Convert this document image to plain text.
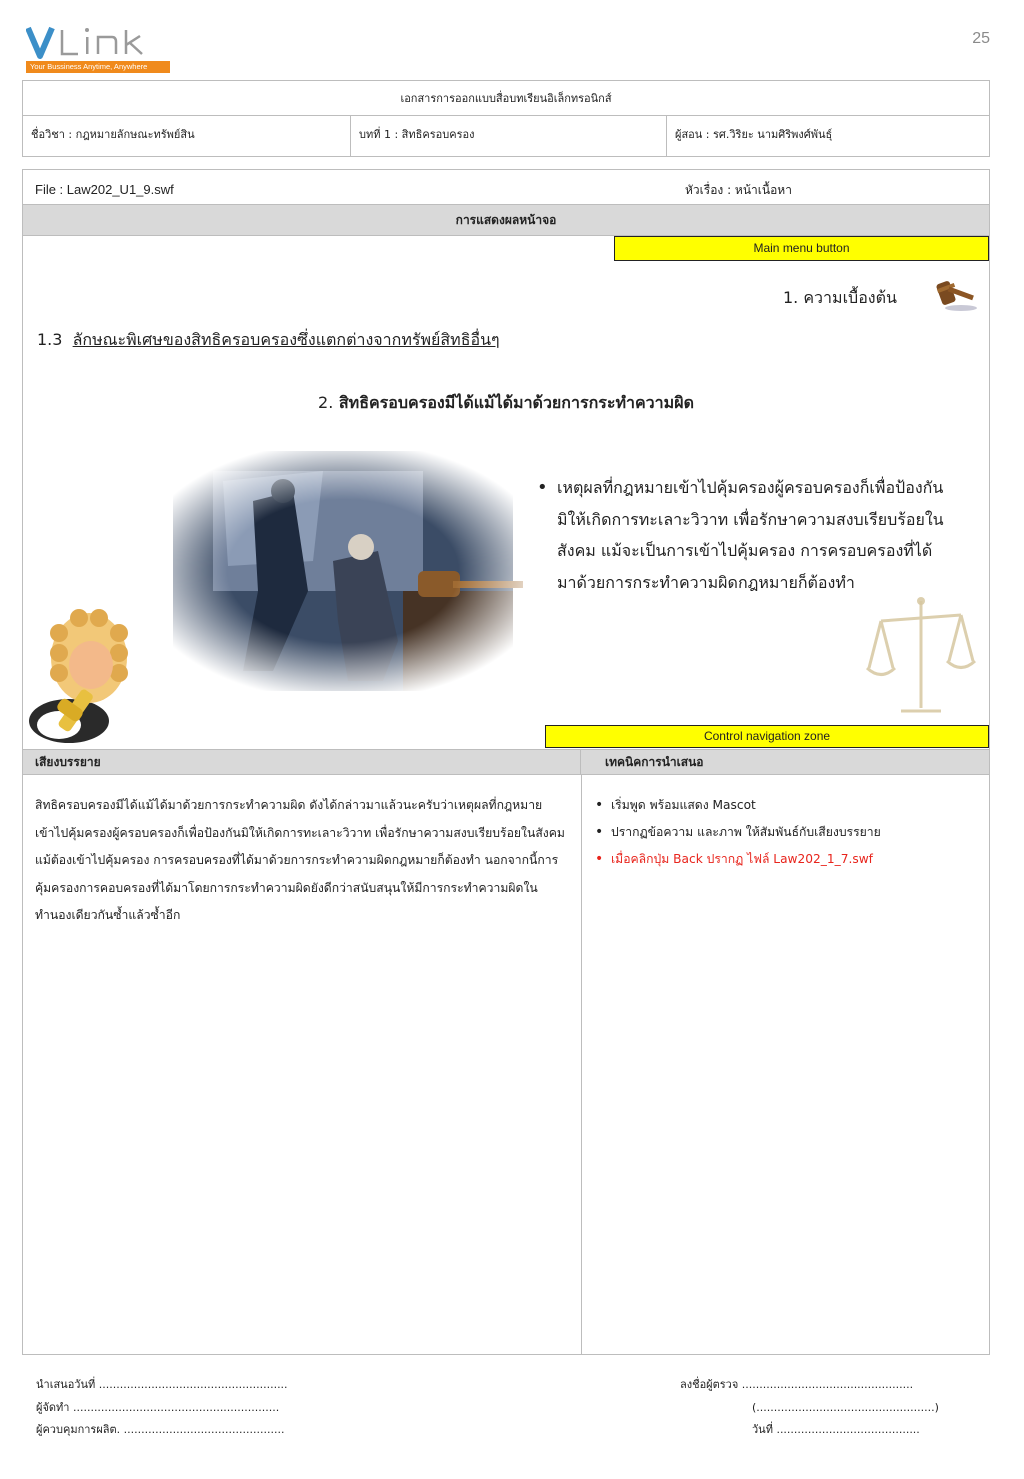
25
Your Bussiness Anytime, Anywhere
เอกสารการออกแบบสื่อบทเรียนอิเล็กทรอนิกส์
ชื่อวิชา : กฎหมายลักษณะทรัพย์สิน	บทที่ 1 : สิทธิครอบครอง	ผู้สอน : รศ.วิริยะ นามศิริพงศ์พันธุ์
File : Law202_U1_9.swf	หัวเรื่อง : หน้าเนื้อหา
การแสดงผลหน้าจอ
Main menu button
1. ความเบื้องต้น
1.3 ลักษณะพิเศษของสิทธิครอบครองซึ่งแตกต่างจากทรัพย์สิทธิอื่นๆ
2. สิทธิครอบครองมีได้แม้ได้มาด้วยการกระทำความผิด
• เหตุผลที่กฎหมายเข้าไปคุ้มครองผู้ครอบครองก็เพื่อป้องกันมิให้เกิดการทะเลาะวิวาท เพื่อรักษาความสงบเรียบร้อยในสังคม แม้จะเป็นการเข้าไปคุ้มครอง การครอบครองที่ได้มาด้วยการกระทำความผิดกฎหมายก็ต้องทำ
Control navigation zone
เสียงบรรยาย	เทคนิคการนำเสนอ
สิทธิครอบครองมีได้แม้ได้มาด้วยการกระทำความผิด ดังได้กล่าวมาแล้วนะครับว่าเหตุผลที่กฎหมายเข้าไปคุ้มครองผู้ครอบครองก็เพื่อป้องกันมิให้เกิดการทะเลาะวิวาท เพื่อรักษาความสงบเรียบร้อยในสังคม แม้ต้องเข้าไปคุ้มครอง การครอบครองที่ได้มาด้วยการกระทำความผิดกฎหมายก็ต้องทำ นอกจากนี้การคุ้มครองการคอบครองที่ได้มาโดยการกระทำความผิดยังดีกว่าสนับสนุนให้มีการกระทำความผิดในทำนองเดียวกันซ้ำแล้วซ้ำอีก
• เริ่มพูด พร้อมแสดง Mascot
• ปรากฏข้อความ และภาพ ให้สัมพันธ์กับเสียงบรรยาย
• เมื่อคลิกปุ่ม Back ปรากฏ ไฟล์ Law202_1_7.swf
นำเสนอวันที่ ......................................................
ผู้จัดทำ ...........................................................
ผู้ควบคุมการผลิต. ..............................................
ลงชื่อผู้ตรวจ .................................................
(...................................................)
วันที่ .........................................
